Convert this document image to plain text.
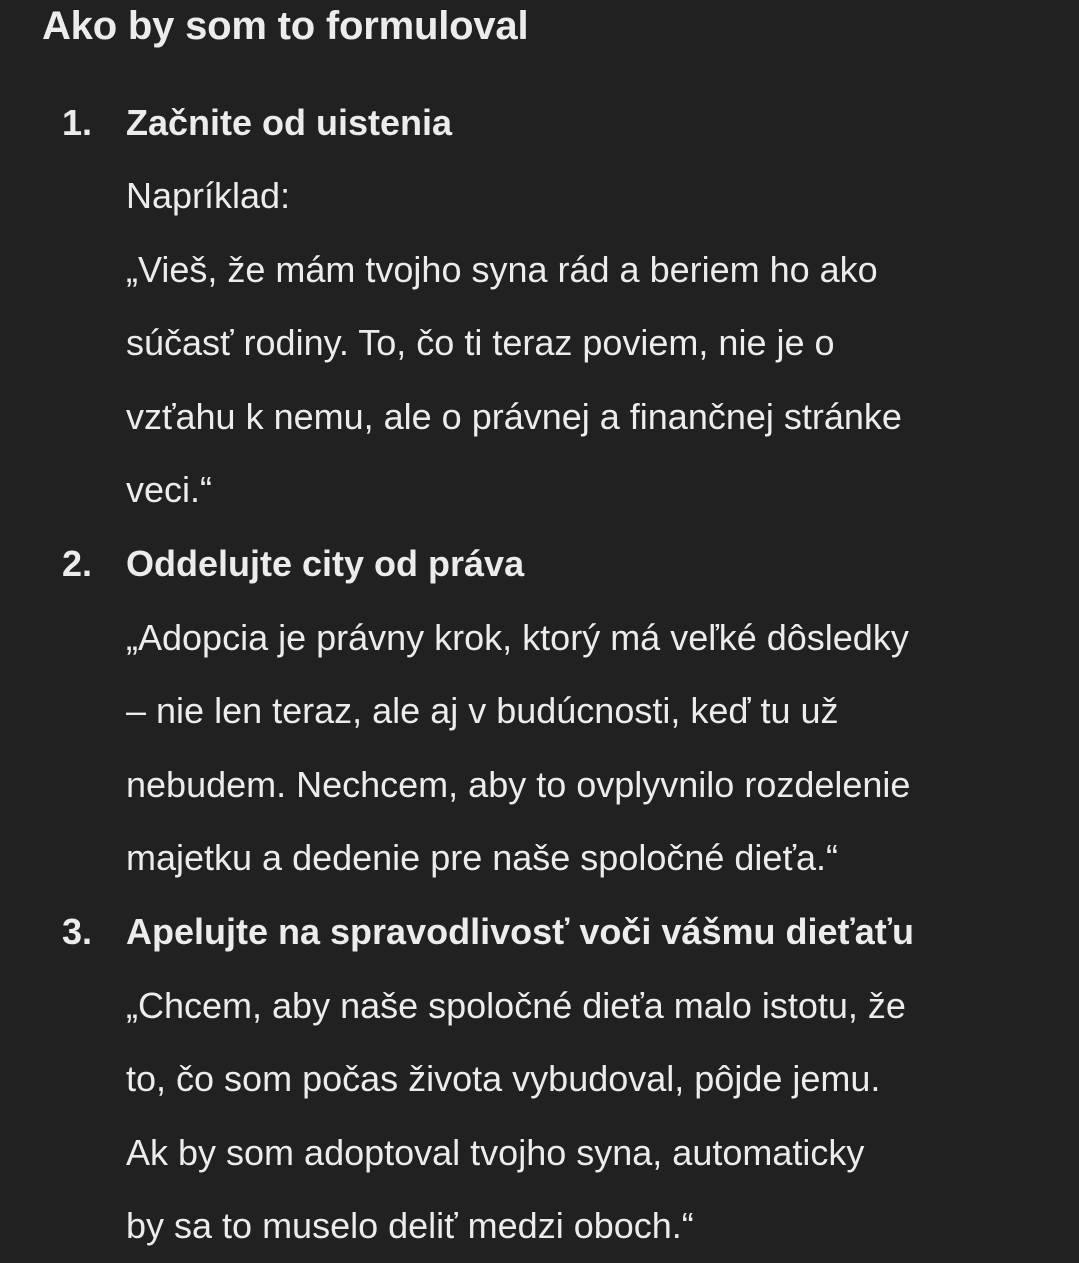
Ako by som to formuloval
1. Začnite od uistenia

Napríklad:

„Vieš, že mám tvojho syna rád a beriem ho ako

súčasť rodiny. To, čo ti teraz poviem, nie je o

vzťahu k nemu, ale o právnej a finančnej stránke

veci.“

2. Oddelujte city od práva

„Adopcia je právny krok, ktorý má veľké dôsledky

– nie len teraz, ale aj v budúcnosti, keď tu už

nebudem. Nechcem, aby to ovplyvnilo rozdelenie

majetku a dedenie pre naše spoločné dieťa.“

3. Apelujte na spravodlivosť voči vášmu dieťaťu

„Chcem, aby naše spoločné dieťa malo istotu, že

to, čo som počas života vybudoval, pôjde jemu.

Ak by som adoptoval tvojho syna, automaticky

by sa to muselo deliť medzi oboch.“
